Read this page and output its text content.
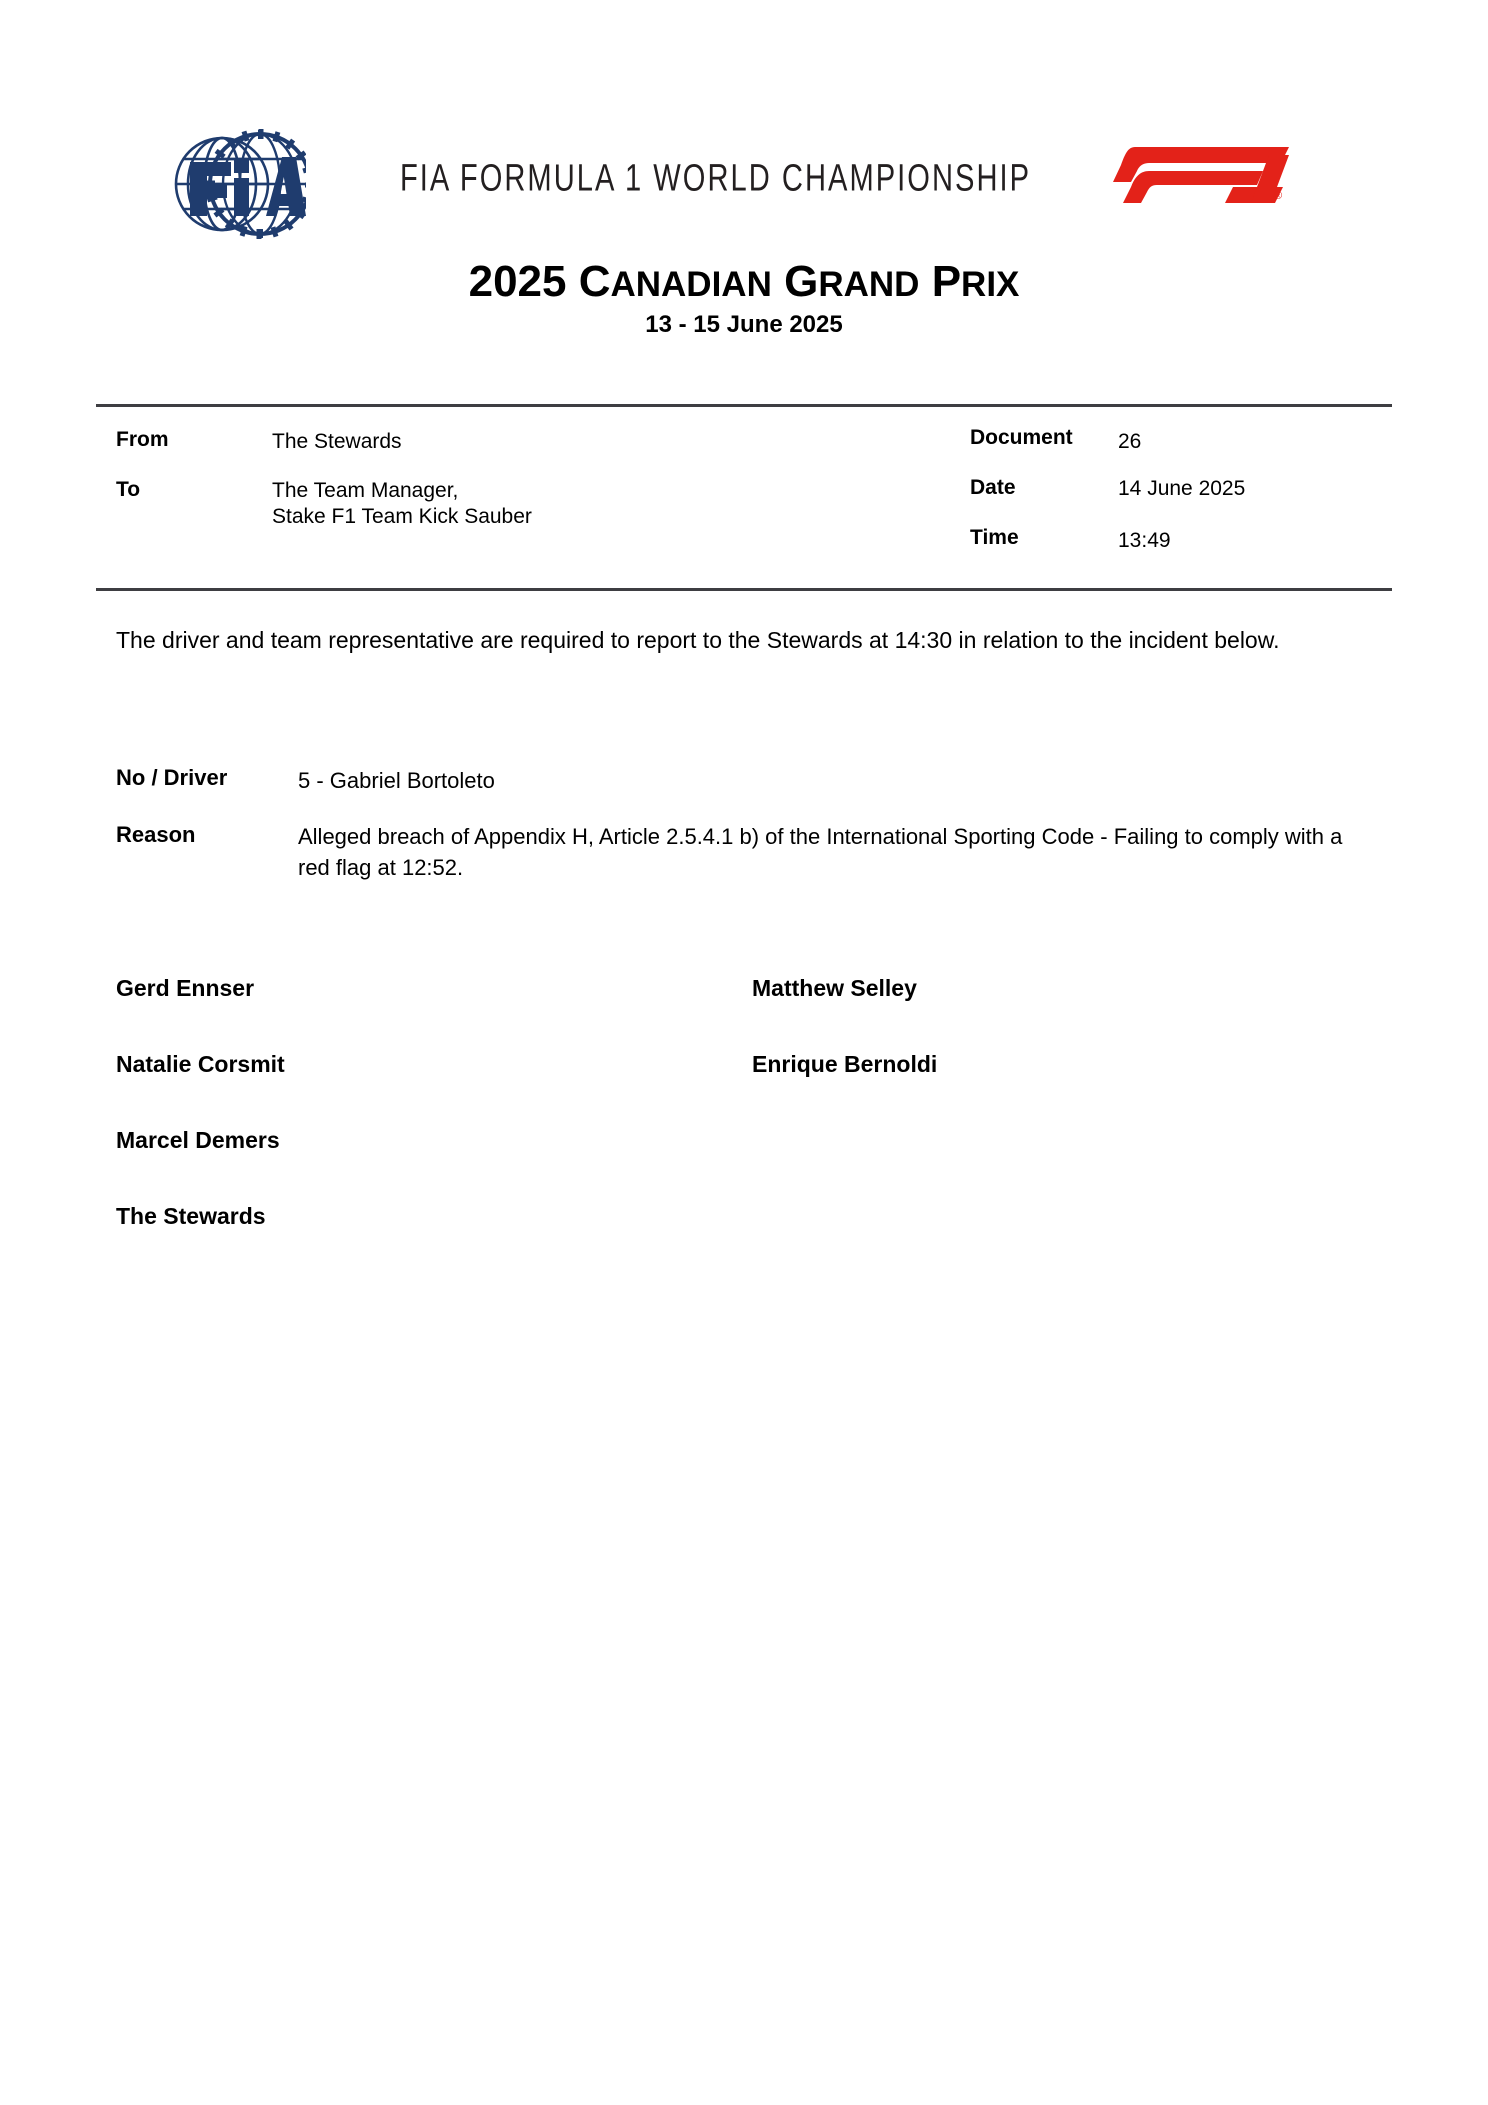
FIA FORMULA 1 WORLD CHAMPIONSHIP	®
2025 CANADIAN GRAND PRIX
13 - 15 June 2025
From	The Stewards
To	The Team Manager,
Stake F1 Team Kick Sauber
Document 26
Date	14 June 2025
Time	13:49
The driver and team representative are required to report to the Stewards at 14:30 in relation to the incident below.
No / Driver	5 - Gabriel Bortoleto
Reason	Alleged breach of Appendix H, Article 2.5.4.1 b) of the International Sporting Code - Failing to comply with a red flag at 12:52.
Gerd Ennser
Natalie Corsmit
Marcel Demers
The Stewards
Matthew Selley
Enrique Bernoldi
